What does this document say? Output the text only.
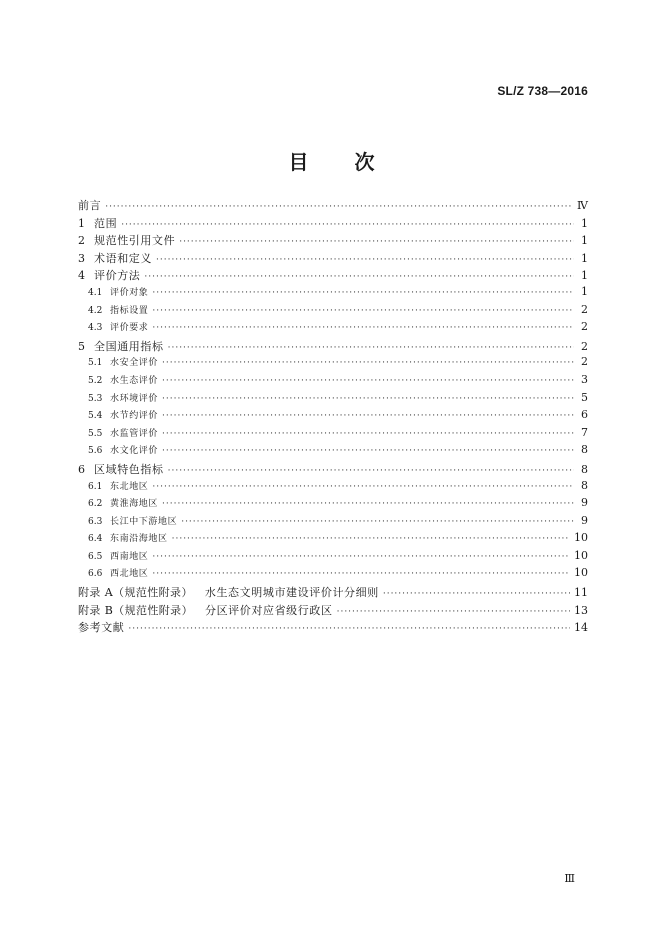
SL/Z 738—2016
目 次
前言 ·····	Ⅳ
1 范围 ·····	1
2 规范性引用文件 ·····	1
3 术语和定义 ·····	1
4 评价方法 ·····	1
4.1 评价对象 ·····	1
4.2 指标设置 ·····	2
4.3 评价要求 ·····	2
5 全国通用指标 ·····	2
5.1 水安全评价 ·····	2
5.2 水生态评价 ·····	3
5.3 水环境评价 ·····	5
5.4 水节约评价 ·····	6
5.5 水监管评价 ·····	7
5.6 水文化评价 ·····	8
6 区域特色指标 ·····	8
6.1 东北地区 ·····	8
6.2 黄淮海地区 ·····	9
6.3 长江中下游地区 ·····	9
6.4 东南沿海地区 ·····	10
6.5 西南地区 ·····	10
6.6 西北地区 ·····	10
附录 A（规范性附录） 水生态文明城市建设评价计分细则 ·····	11
附录 B（规范性附录） 分区评价对应省级行政区 ·····	13
参考文献 ·····	14
Ⅲ
